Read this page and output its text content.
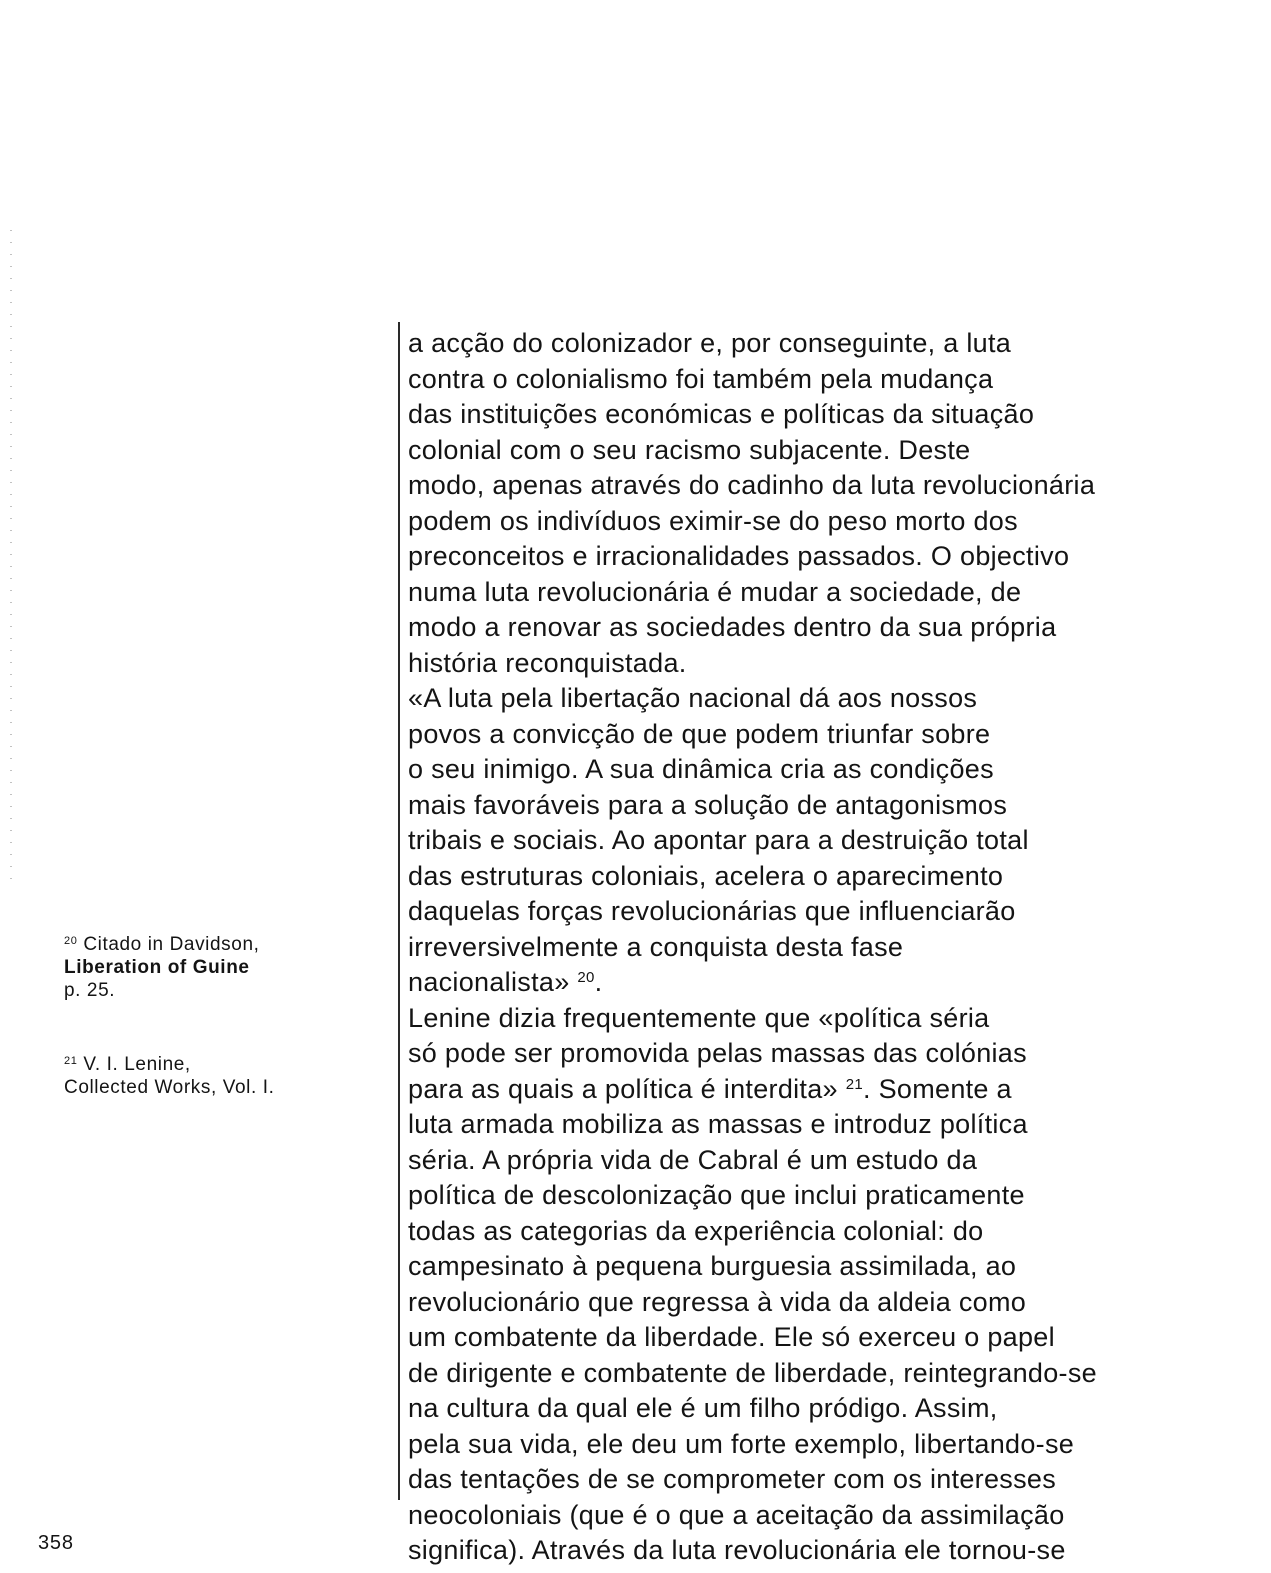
a acção do colonizador e, por conseguinte, a luta
contra o colonialismo foi também pela mudança
das instituições económicas e políticas da situação
colonial com o seu racismo subjacente. Deste
modo, apenas através do cadinho da luta revolucionária
podem os indivíduos eximir-se do peso morto dos
preconceitos e irracionalidades passados. O objectivo
numa luta revolucionária é mudar a sociedade, de
modo a renovar as sociedades dentro da sua própria
história reconquistada.
«A luta pela libertação nacional dá aos nossos
povos a convicção de que podem triunfar sobre
o seu inimigo. A sua dinâmica cria as condições
mais favoráveis para a solução de antagonismos
tribais e sociais. Ao apontar para a destruição total
das estruturas coloniais, acelera o aparecimento
daquelas forças revolucionárias que influenciarão
irreversivelmente a conquista desta fase
nacionalista» $^{20}$.
Lenine dizia frequentemente que «política séria
só pode ser promovida pelas massas das colónias
para as quais a política é interdita» $^{21}$. Somente a
luta armada mobiliza as massas e introduz política
séria. A própria vida de Cabral é um estudo da
política de descolonização que inclui praticamente
todas as categorias da experiência colonial: do
campesinato à pequena burguesia assimilada, ao
revolucionário que regressa à vida da aldeia como
um combatente da liberdade. Ele só exerceu o papel
de dirigente e combatente de liberdade, reintegrando-se
na cultura da qual ele é um filho pródigo. Assim,
pela sua vida, ele deu um forte exemplo, libertando-se
das tentações de se comprometer com os interesses
neocoloniais (que é o que a aceitação da assimilação
significa). Através da luta revolucionária ele tornou-se
$^{20}$ Citado in Davidson,
Liberation of Guine
p. 25.
$^{21}$ V. I. Lenine,
Collected Works, Vol. I.
358
